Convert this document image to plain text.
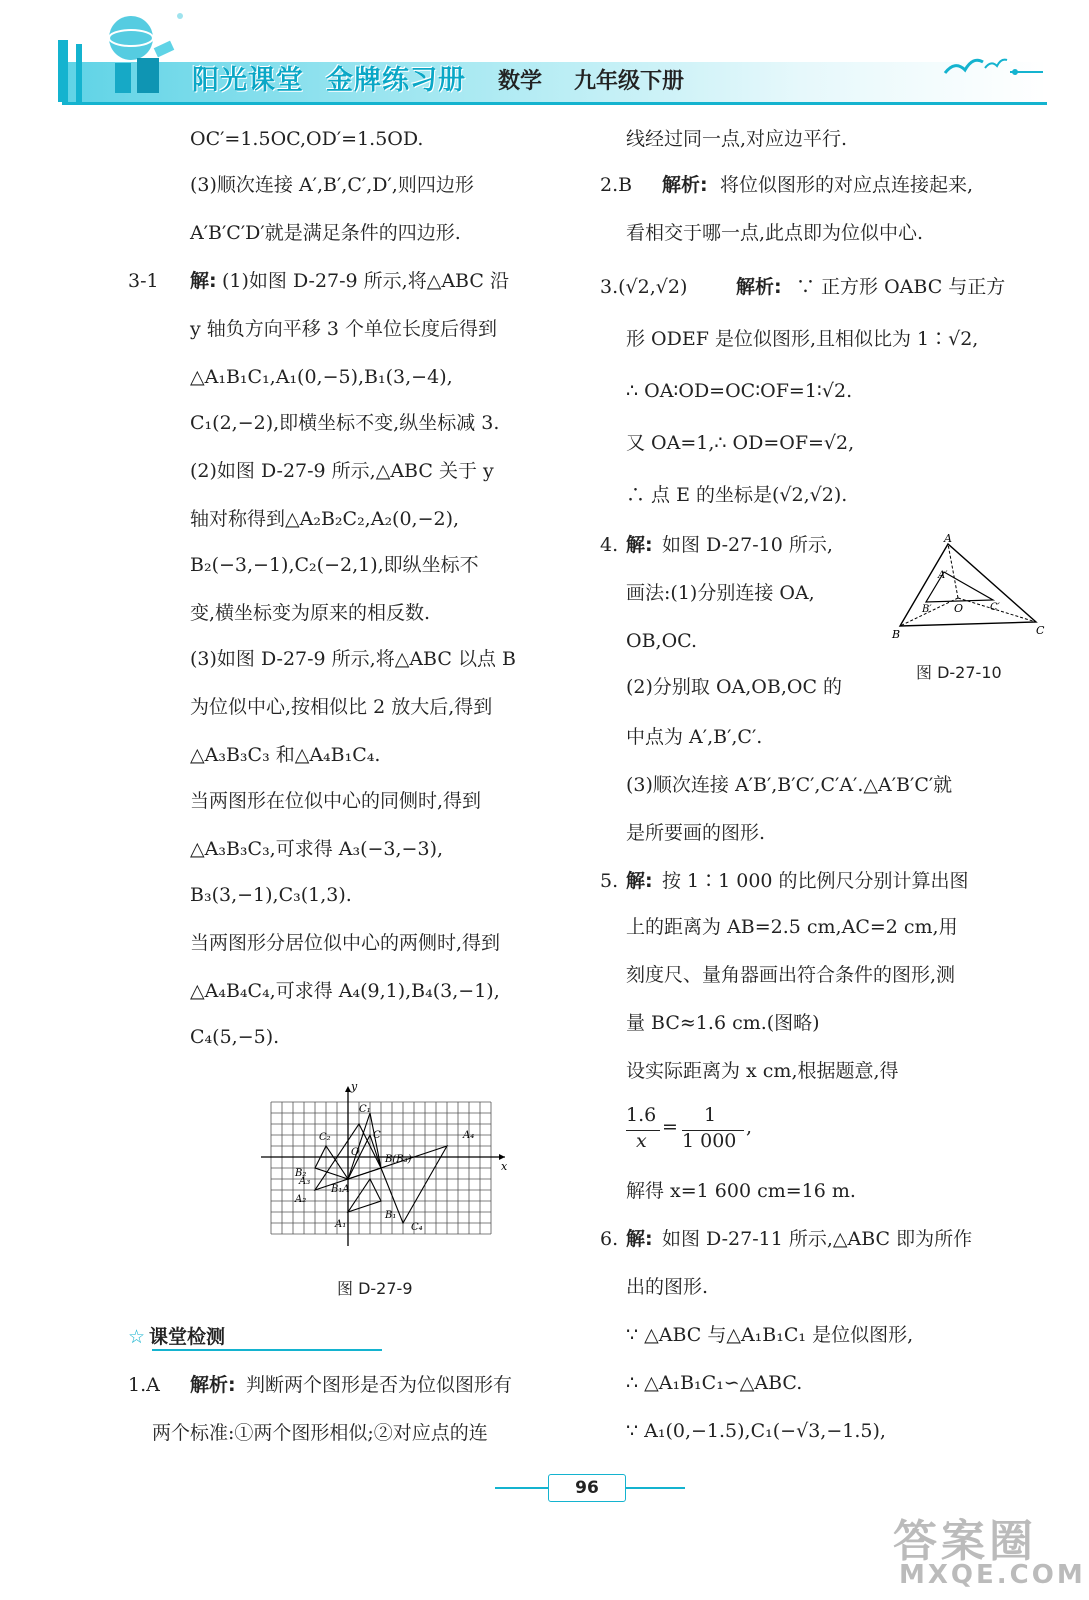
阳光课堂 金牌练习册 数学 九年级下册
OC′=1.5OC,OD′=1.5OD.
(3)顺次连接 A′,B′,C′,D′,则四边形
A′B′C′D′就是满足条件的四边形.
3-1 解: (1)如图 D-27-9 所示,将△ABC 沿
y 轴负方向平移 3 个单位长度后得到
△A₁B₁C₁,A₁(0,−5),B₁(3,−4),
C₁(2,−2),即横坐标不变,纵坐标减 3.
(2)如图 D-27-9 所示,△ABC 关于 y
轴对称得到△A₂B₂C₂,A₂(0,−2),
B₂(−3,−1),C₂(−2,1),即纵坐标不
变,横坐标变为原来的相反数.
(3)如图 D-27-9 所示,将△ABC 以点 B
为位似中心,按相似比 2 放大后,得到
△A₃B₃C₃ 和△A₄B₁C₄.
当两图形在位似中心的同侧时,得到
△A₃B₃C₃,可求得 A₃(−3,−3),
B₃(3,−1),C₃(1,3).
当两图形分居位似中心的两侧时,得到
△A₄B₄C₄,可求得 A₄(9,1),B₄(3,−1),
C₄(5,−5).
y
x
O
C₁
C₂	C	A₄
B₂
B(B₃)
A₂
B₁A
A₁
A₃
B₁
C₄
图 D-27-9
☆ 课堂检测
1.A 解析: 判断两个图形是否为位似图形有
两个标准:①两个图形相似;②对应点的连
线经过同一点,对应边平行.
2.B 解析: 将位似图形的对应点连接起来,
看相交于哪一点,此点即为位似中心.
3.(√2,√2)	解析: ∵ 正方形 OABC 与正方
形 ODEF 是位似图形,且相似比为 1∶√2,
∴ OA∶OD=OC∶OF=1∶√2.
又 OA=1,∴ OD=OF=√2,
∴ 点 E 的坐标是(√2,√2).
4. 解: 如图 D-27-10 所示,
画法:(1)分别连接 OA,
OB,OC.
(2)分别取 OA,OB,OC 的
中点为 A′,B′,C′.
(3)顺次连接 A′B′,B′C′,C′A′.△A′B′C′就
是所要画的图形.
5. 解: 按 1∶1 000 的比例尺分别计算出图
上的距离为 AB=2.5 cm,AC=2 cm,用
刻度尺、量角器画出符合条件的图形,测
量 BC≈1.6 cm.(图略)
设实际距离为 x cm,根据题意,得
1.6
x
=
1
1 000
,
解得 x=1 600 cm=16 m.
6. 解: 如图 D-27-11 所示,△ABC 即为所作
出的图形.
∵ △ABC 与△A₁B₁C₁ 是位似图形,
∴ △A₁B₁C₁∽△ABC.
∵ A₁(0,−1.5),C₁(−√3,−1.5),
A
B	C
O
A′
B′	C′
图 D-27-10
96
答案圈
MXQE.COM
